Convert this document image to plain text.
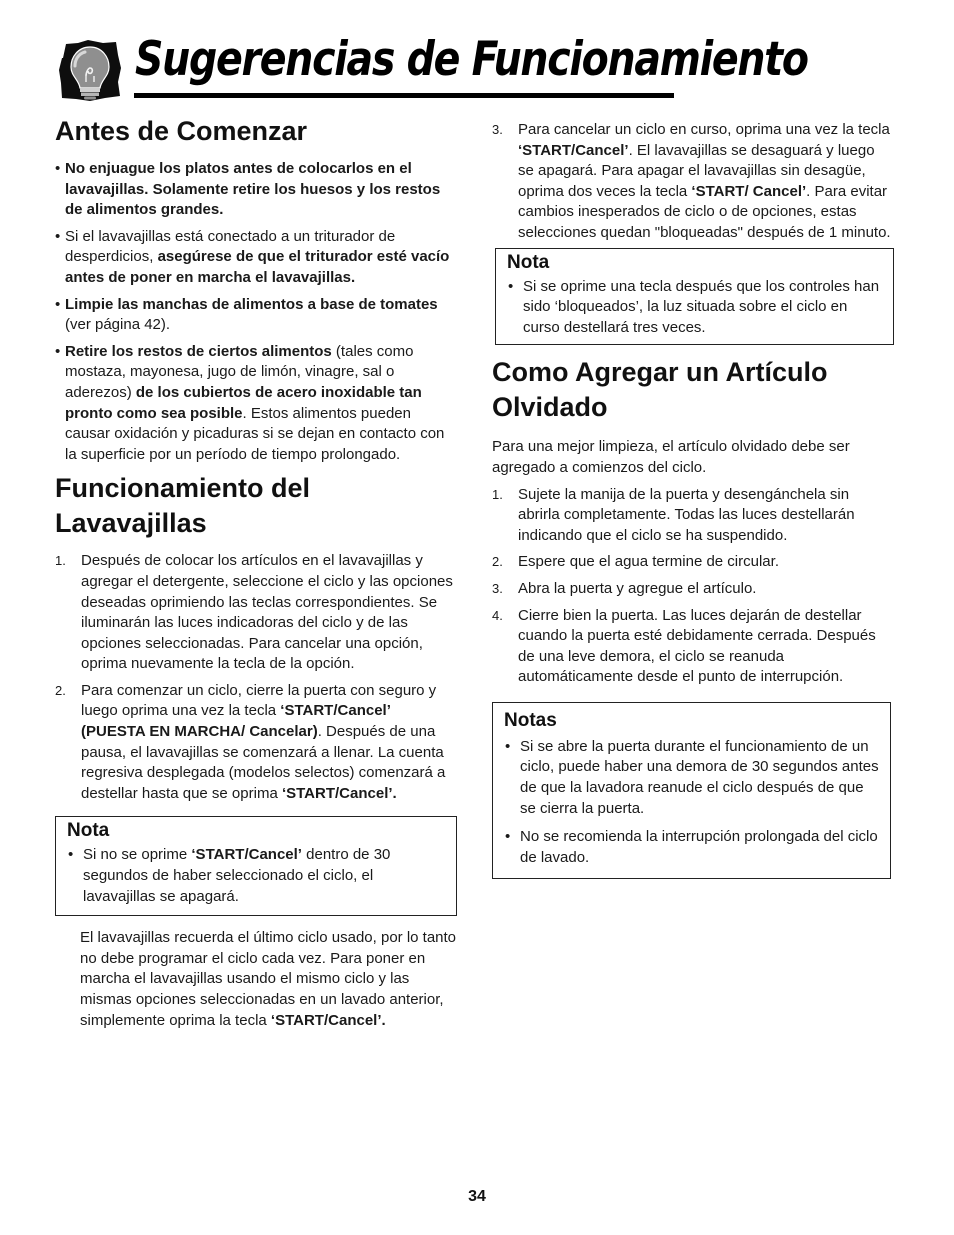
Sugerencias de Funcionamiento
Antes de Comenzar
• No enjuague los platos antes de colocarlos en el lavavajillas. Solamente retire los huesos y los restos de alimentos grandes.
• Si el lavavajillas está conectado a un triturador de desperdicios, asegúrese de que el triturador esté vacío antes de poner en marcha el lavavajillas.
• Limpie las manchas de alimentos a base de tomates (ver página 42).
• Retire los restos de ciertos alimentos (tales como mostaza, mayonesa, jugo de limón, vinagre, sal o aderezos) de los cubiertos de acero inoxidable tan pronto como sea posible. Estos alimentos pueden causar oxidación y picaduras si se dejan en contacto con la superficie por un período de tiempo prolongado.
Funcionamiento del Lavavajillas
1. Después de colocar los artículos en el lavavajillas y agregar el detergente, seleccione el ciclo y las opciones deseadas oprimiendo las teclas correspondientes. Se iluminarán las luces indicadoras del ciclo y de las opciones seleccionadas. Para cancelar una opción, oprima nuevamente la tecla de la opción.
2. Para comenzar un ciclo, cierre la puerta con seguro y luego oprima una vez la tecla ‘START/Cancel’ (PUESTA EN MARCHA/ Cancelar). Después de una pausa, el lavavajillas se comenzará a llenar. La cuenta regresiva desplegada (modelos selectos) comenzará a destellar hasta que se oprima ‘START/Cancel’.
Nota
• Si no se oprime ‘START/Cancel’ dentro de 30 segundos de haber seleccionado el ciclo, el lavavajillas se apagará.

El lavavajillas recuerda el último ciclo usado, por lo tanto no debe programar el ciclo cada vez. Para poner en marcha el lavavajillas usando el mismo ciclo y las mismas opciones seleccionadas en un lavado anterior, simplemente oprima la tecla ‘START/Cancel’.

3. Para cancelar un ciclo en curso, oprima una vez la tecla ‘START/Cancel’. El lavavajillas se desaguará y luego se apagará. Para apagar el lavavajillas sin desagüe, oprima dos veces la tecla ‘START/ Cancel’. Para evitar cambios inesperados de ciclo o de opciones, estas selecciones quedan "bloqueadas" después de 1 minuto.
Nota
• Si se oprime una tecla después que los controles han sido ‘bloqueados’, la luz situada sobre el ciclo en curso destellará tres veces.
Como Agregar un Artículo Olvidado

Para una mejor limpieza, el artículo olvidado debe ser agregado a comienzos del ciclo.

1. Sujete la manija de la puerta y desengánchela sin abrirla completamente. Todas las luces destellarán indicando que el ciclo se ha suspendido.
2. Espere que el agua termine de circular.
3. Abra la puerta y agregue el artículo.
4. Cierre bien la puerta. Las luces dejarán de destellar cuando la puerta esté debidamente cerrada. Después de una leve demora, el ciclo se reanuda automáticamente desde el punto de interrupción.
Notas
• Si se abre la puerta durante el funcionamiento de un ciclo, puede haber una demora de 30 segundos antes de que la lavadora reanude el ciclo después de que se cierra la puerta.
• No se recomienda la interrupción prolongada del ciclo de lavado.
34
